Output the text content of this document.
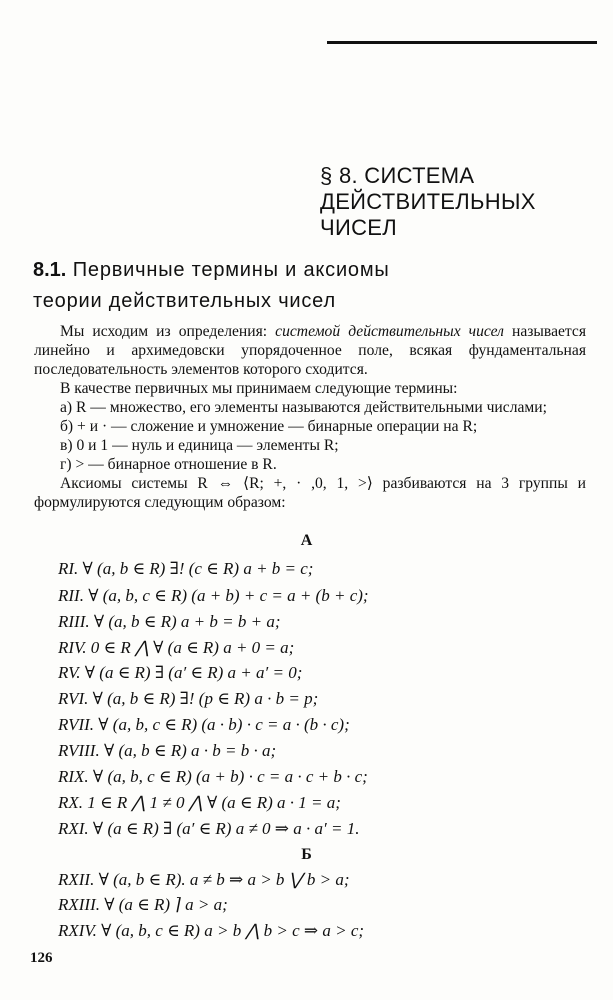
§ 8. СИСТЕМА
ДЕЙСТВИТЕЛЬНЫХ
ЧИСЕЛ
8.1. Первичные термины и аксиомы
теории действительных чисел

Мы исходим из определения: системой действительных чисел называется линейно и архимедовски упорядоченное поле, всякая фундаментальная последовательность элементов которого сходится.

В качестве первичных мы принимаем следующие термины:

а) R — множество, его элементы называются действительными числами;

б) + и · — сложение и умножение — бинарные операции на R;

в) 0 и 1 — нуль и единица — элементы R;

г) > — бинарное отношение в R.

Аксиомы системы R ⇔ ⟨R; +, · ,0, 1, >⟩ разбиваются на 3 группы и формулируются следующим образом:

А
RI. ∀ (a, b ∈ R) ∃! (c ∈ R) a + b = c;
RII. ∀ (a, b, c ∈ R) (a + b) + c = a + (b + c);
RIII. ∀ (a, b ∈ R) a + b = b + a;
RIV. 0 ∈ R ⋀ ∀ (a ∈ R) a + 0 = a;
RV. ∀ (a ∈ R) ∃ (a′ ∈ R) a + a′ = 0;
RVI. ∀ (a, b ∈ R) ∃! (p ∈ R) a · b = p;
RVII. ∀ (a, b, c ∈ R) (a · b) · c = a · (b · c);
RVIII. ∀ (a, b ∈ R) a · b = b · a;
RIX. ∀ (a, b, c ∈ R) (a + b) · c = a · c + b · c;
RX. 1 ∈ R ⋀ 1 ≠ 0 ⋀ ∀ (a ∈ R) a · 1 = a;
RXI. ∀ (a ∈ R) ∃ (a′ ∈ R) a ≠ 0 ⇒ a · a′ = 1.
Б
RXII. ∀ (a, b ∈ R). a ≠ b ⇒ a > b ⋁ b > a;
RXIII. ∀ (a ∈ R) ⌉ a > a;
RXIV. ∀ (a, b, c ∈ R) a > b ⋀ b > c ⇒ a > c;
126
